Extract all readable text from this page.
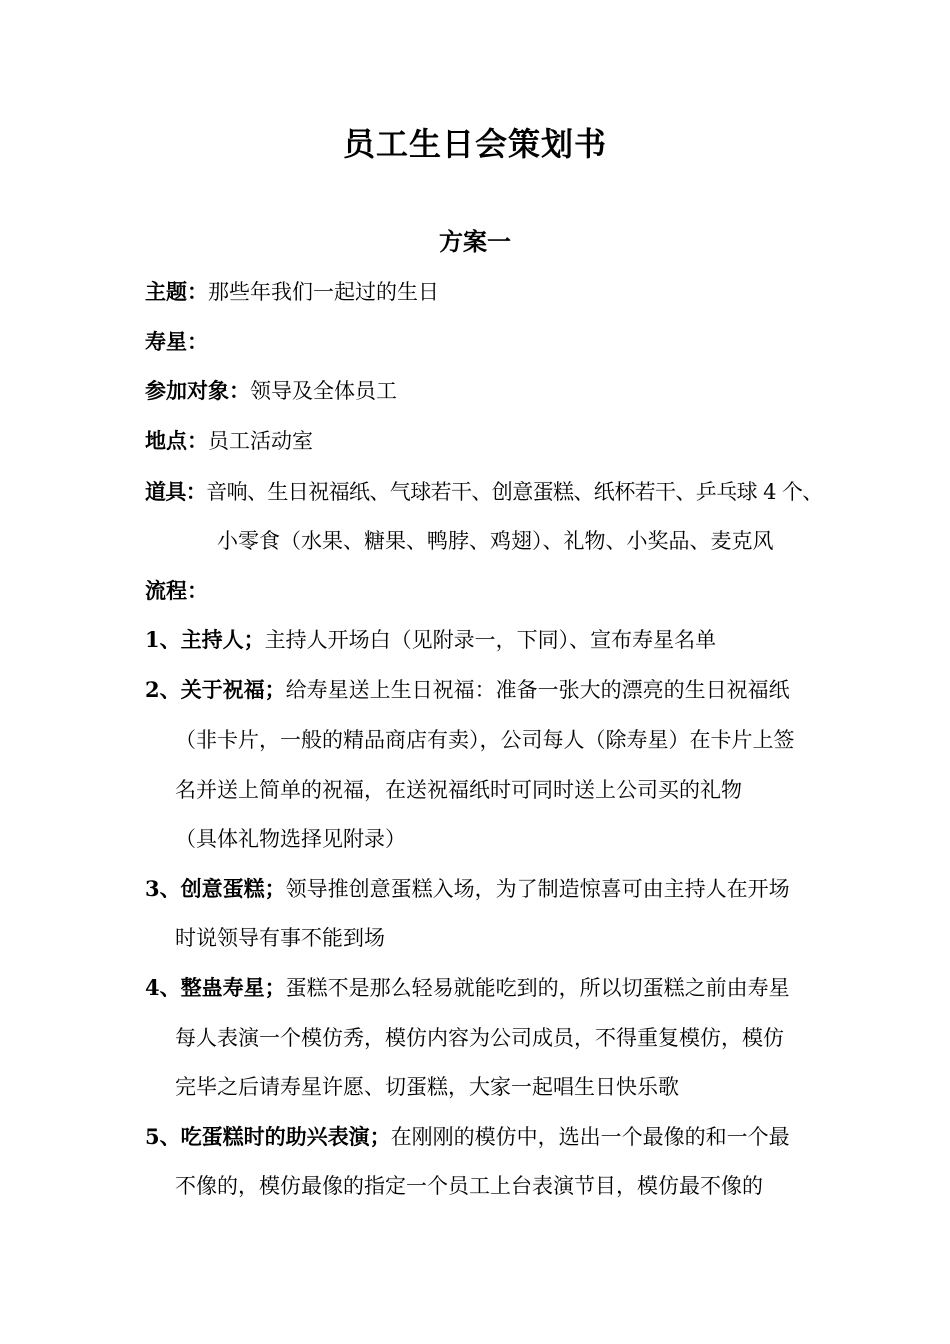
员工生日会策划书
方案一
主题：那些年我们一起过的生日
寿星：
参加对象：领导及全体员工
地点：员工活动室
道具：音响、生日祝福纸、气球若干、创意蛋糕、纸杯若干、乒乓球 4 个、
小零食（水果、糖果、鸭脖、鸡翅）、礼物、小奖品、麦克风
流程：
1、主持人；主持人开场白（见附录一，下同）、宣布寿星名单
2、关于祝福；给寿星送上生日祝福：准备一张大的漂亮的生日祝福纸
（非卡片，一般的精品商店有卖），公司每人（除寿星）在卡片上签
名并送上简单的祝福，在送祝福纸时可同时送上公司买的礼物
（具体礼物选择见附录）
3、创意蛋糕；领导推创意蛋糕入场，为了制造惊喜可由主持人在开场
时说领导有事不能到场
4、整蛊寿星；蛋糕不是那么轻易就能吃到的，所以切蛋糕之前由寿星
每人表演一个模仿秀，模仿内容为公司成员，不得重复模仿，模仿
完毕之后请寿星许愿、切蛋糕，大家一起唱生日快乐歌
5、吃蛋糕时的助兴表演；在刚刚的模仿中，选出一个最像的和一个最
不像的，模仿最像的指定一个员工上台表演节目，模仿最不像的
